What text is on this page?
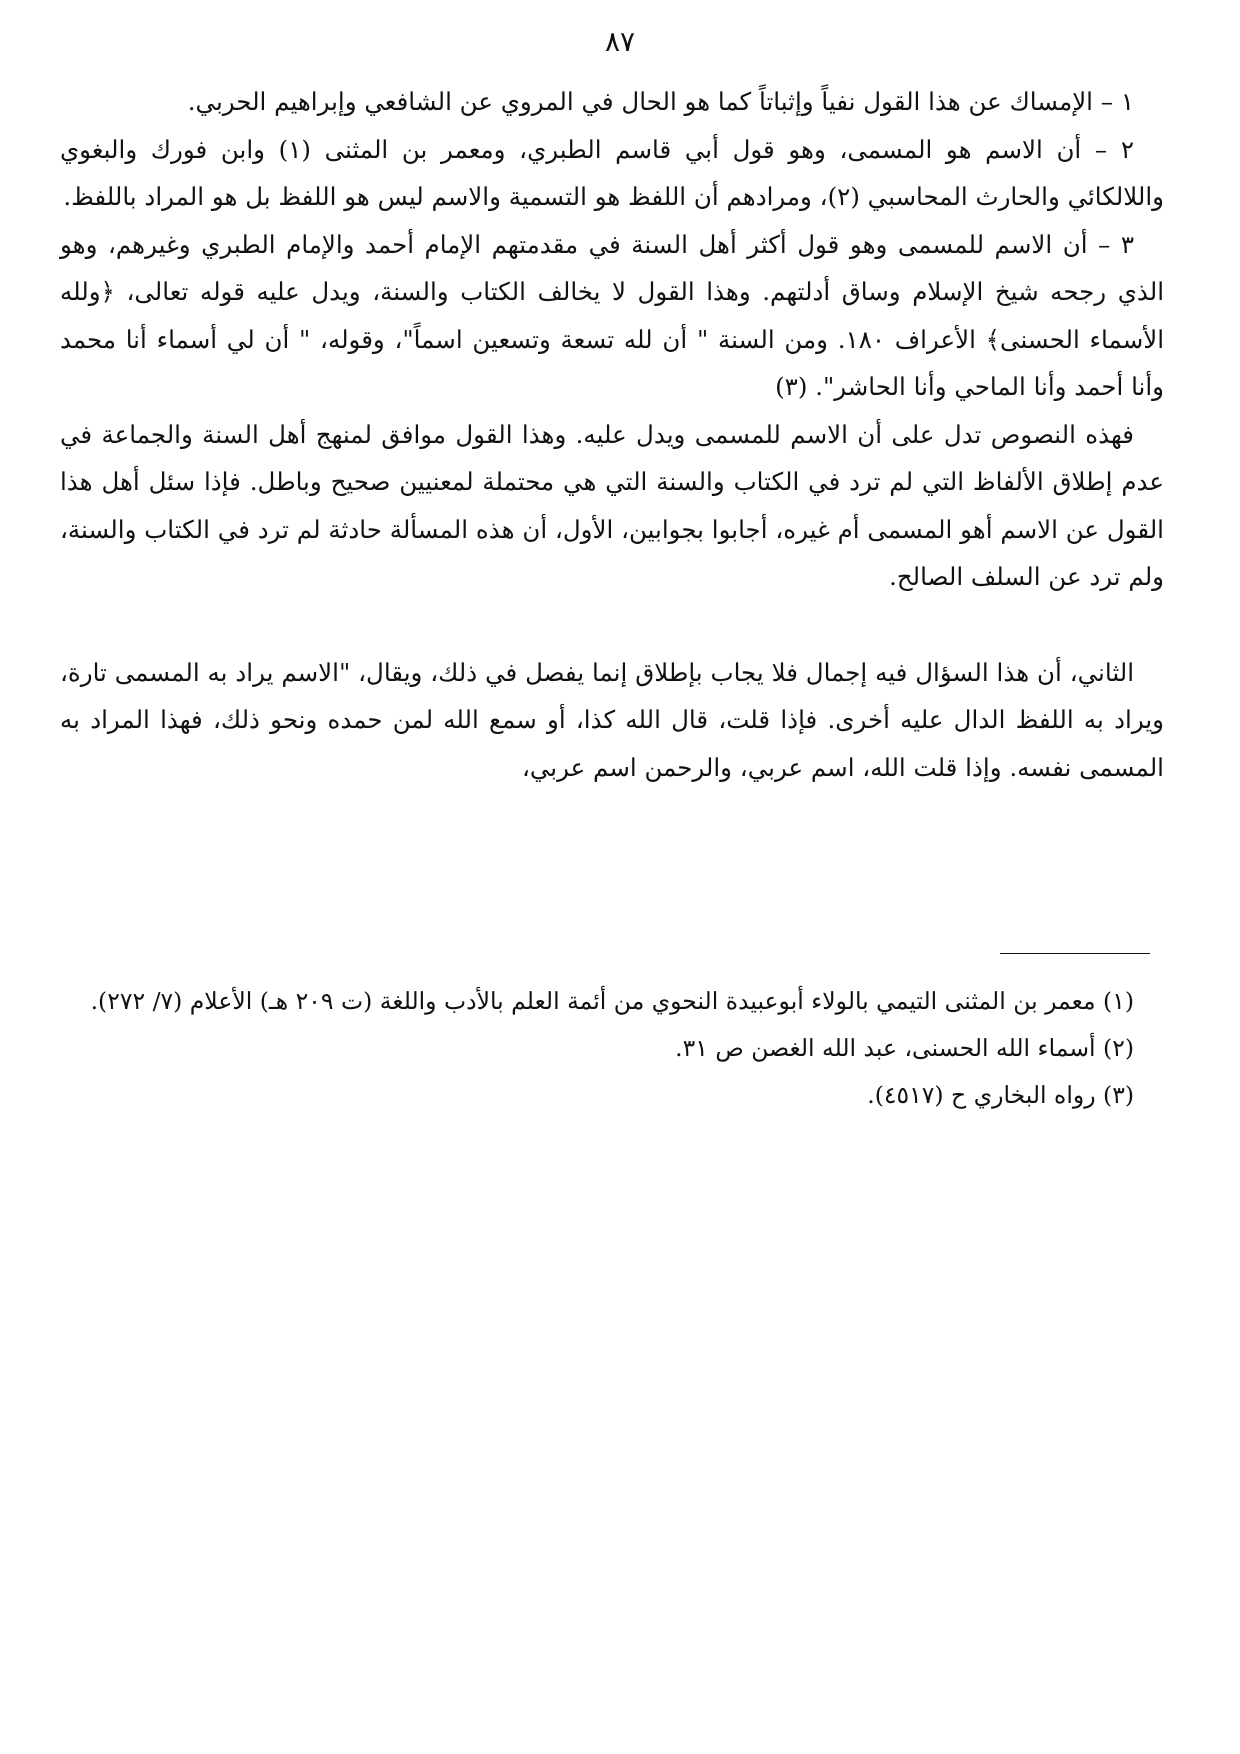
٨٧

١ – الإمساك عن هذا القول نفياً وإثباتاً كما هو الحال في المروي عن الشافعي وإبراهيم الحربي.

٢ – أن الاسم هو المسمى، وهو قول أبي قاسم الطبري، ومعمر بن المثنى (١) وابن فورك والبغوي واللالكائي والحارث المحاسبي (٢)، ومرادهم أن اللفظ هو التسمية والاسم ليس هو اللفظ بل هو المراد باللفظ.

٣ – أن الاسم للمسمى وهو قول أكثر أهل السنة في مقدمتهم الإمام أحمد والإمام الطبري وغيرهم، وهو الذي رجحه شيخ الإسلام وساق أدلتهم. وهذا القول لا يخالف الكتاب والسنة، ويدل عليه قوله تعالى، ﴿ولله الأسماء الحسنى﴾ الأعراف ١٨٠. ومن السنة " أن لله تسعة وتسعين اسماً"، وقوله، " أن لي أسماء أنا محمد وأنا أحمد وأنا الماحي وأنا الحاشر". (٣)

فهذه النصوص تدل على أن الاسم للمسمى ويدل عليه. وهذا القول موافق لمنهج أهل السنة والجماعة في عدم إطلاق الألفاظ التي لم ترد في الكتاب والسنة التي هي محتملة لمعنيين صحيح وباطل. فإذا سئل أهل هذا القول عن الاسم أهو المسمى أم غيره، أجابوا بجوابين، الأول، أن هذه المسألة حادثة لم ترد في الكتاب والسنة، ولم ترد عن السلف الصالح.

الثاني، أن هذا السؤال فيه إجمال فلا يجاب بإطلاق إنما يفصل في ذلك، ويقال، "الاسم يراد به المسمى تارة، ويراد به اللفظ الدال عليه أخرى. فإذا قلت، قال الله كذا، أو سمع الله لمن حمده ونحو ذلك، فهذا المراد به المسمى نفسه. وإذا قلت الله، اسم عربي، والرحمن اسم عربي،

(١) معمر بن المثنى التيمي بالولاء أبوعبيدة النحوي من أئمة العلم بالأدب واللغة (ت ٢٠٩ هـ) الأعلام (٧/ ٢٧٢).

(٢) أسماء الله الحسنى، عبد الله الغصن ص ٣١.

(٣) رواه البخاري ح (٤٥١٧).
